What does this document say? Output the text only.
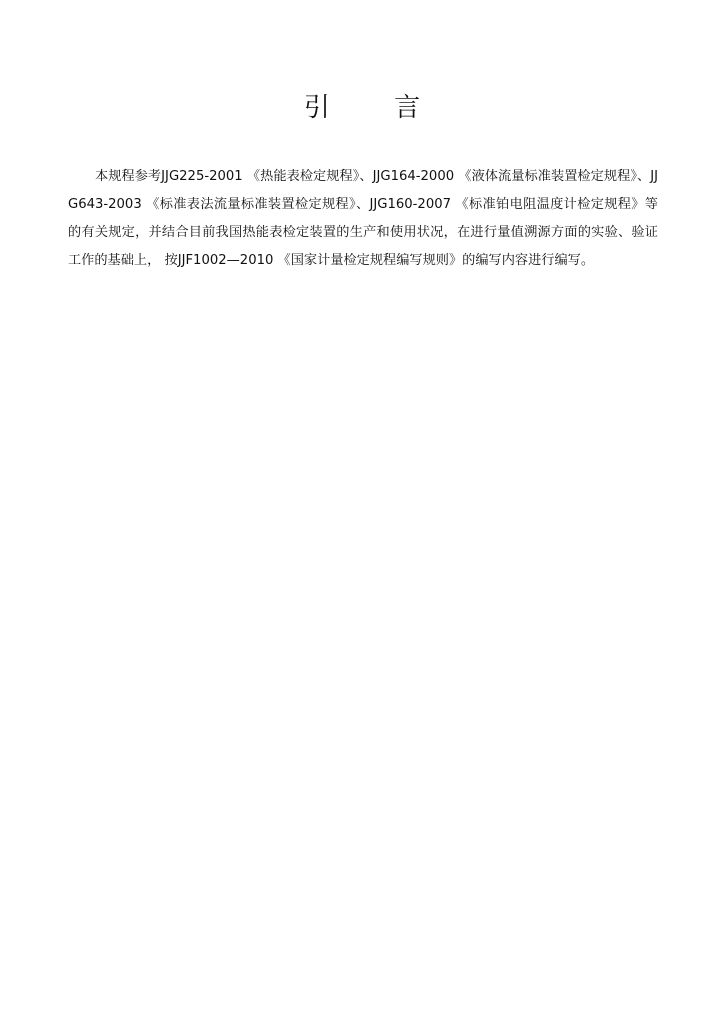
引 言

本规程参考JJG225-2001 《热能表检定规程》、JJG164-2000 《液体流量标准装置检定规程》、JJG643-2003 《标准表法流量标准装置检定规程》、JJG160-2007 《标准铂电阻温度计检定规程》等的有关规定，并结合目前我国热能表检定装置的生产和使用状况，在进行量值溯源方面的实验、验证工作的基础上， 按JJF1002—2010 《国家计量检定规程编写规则》的编写内容进行编写。
